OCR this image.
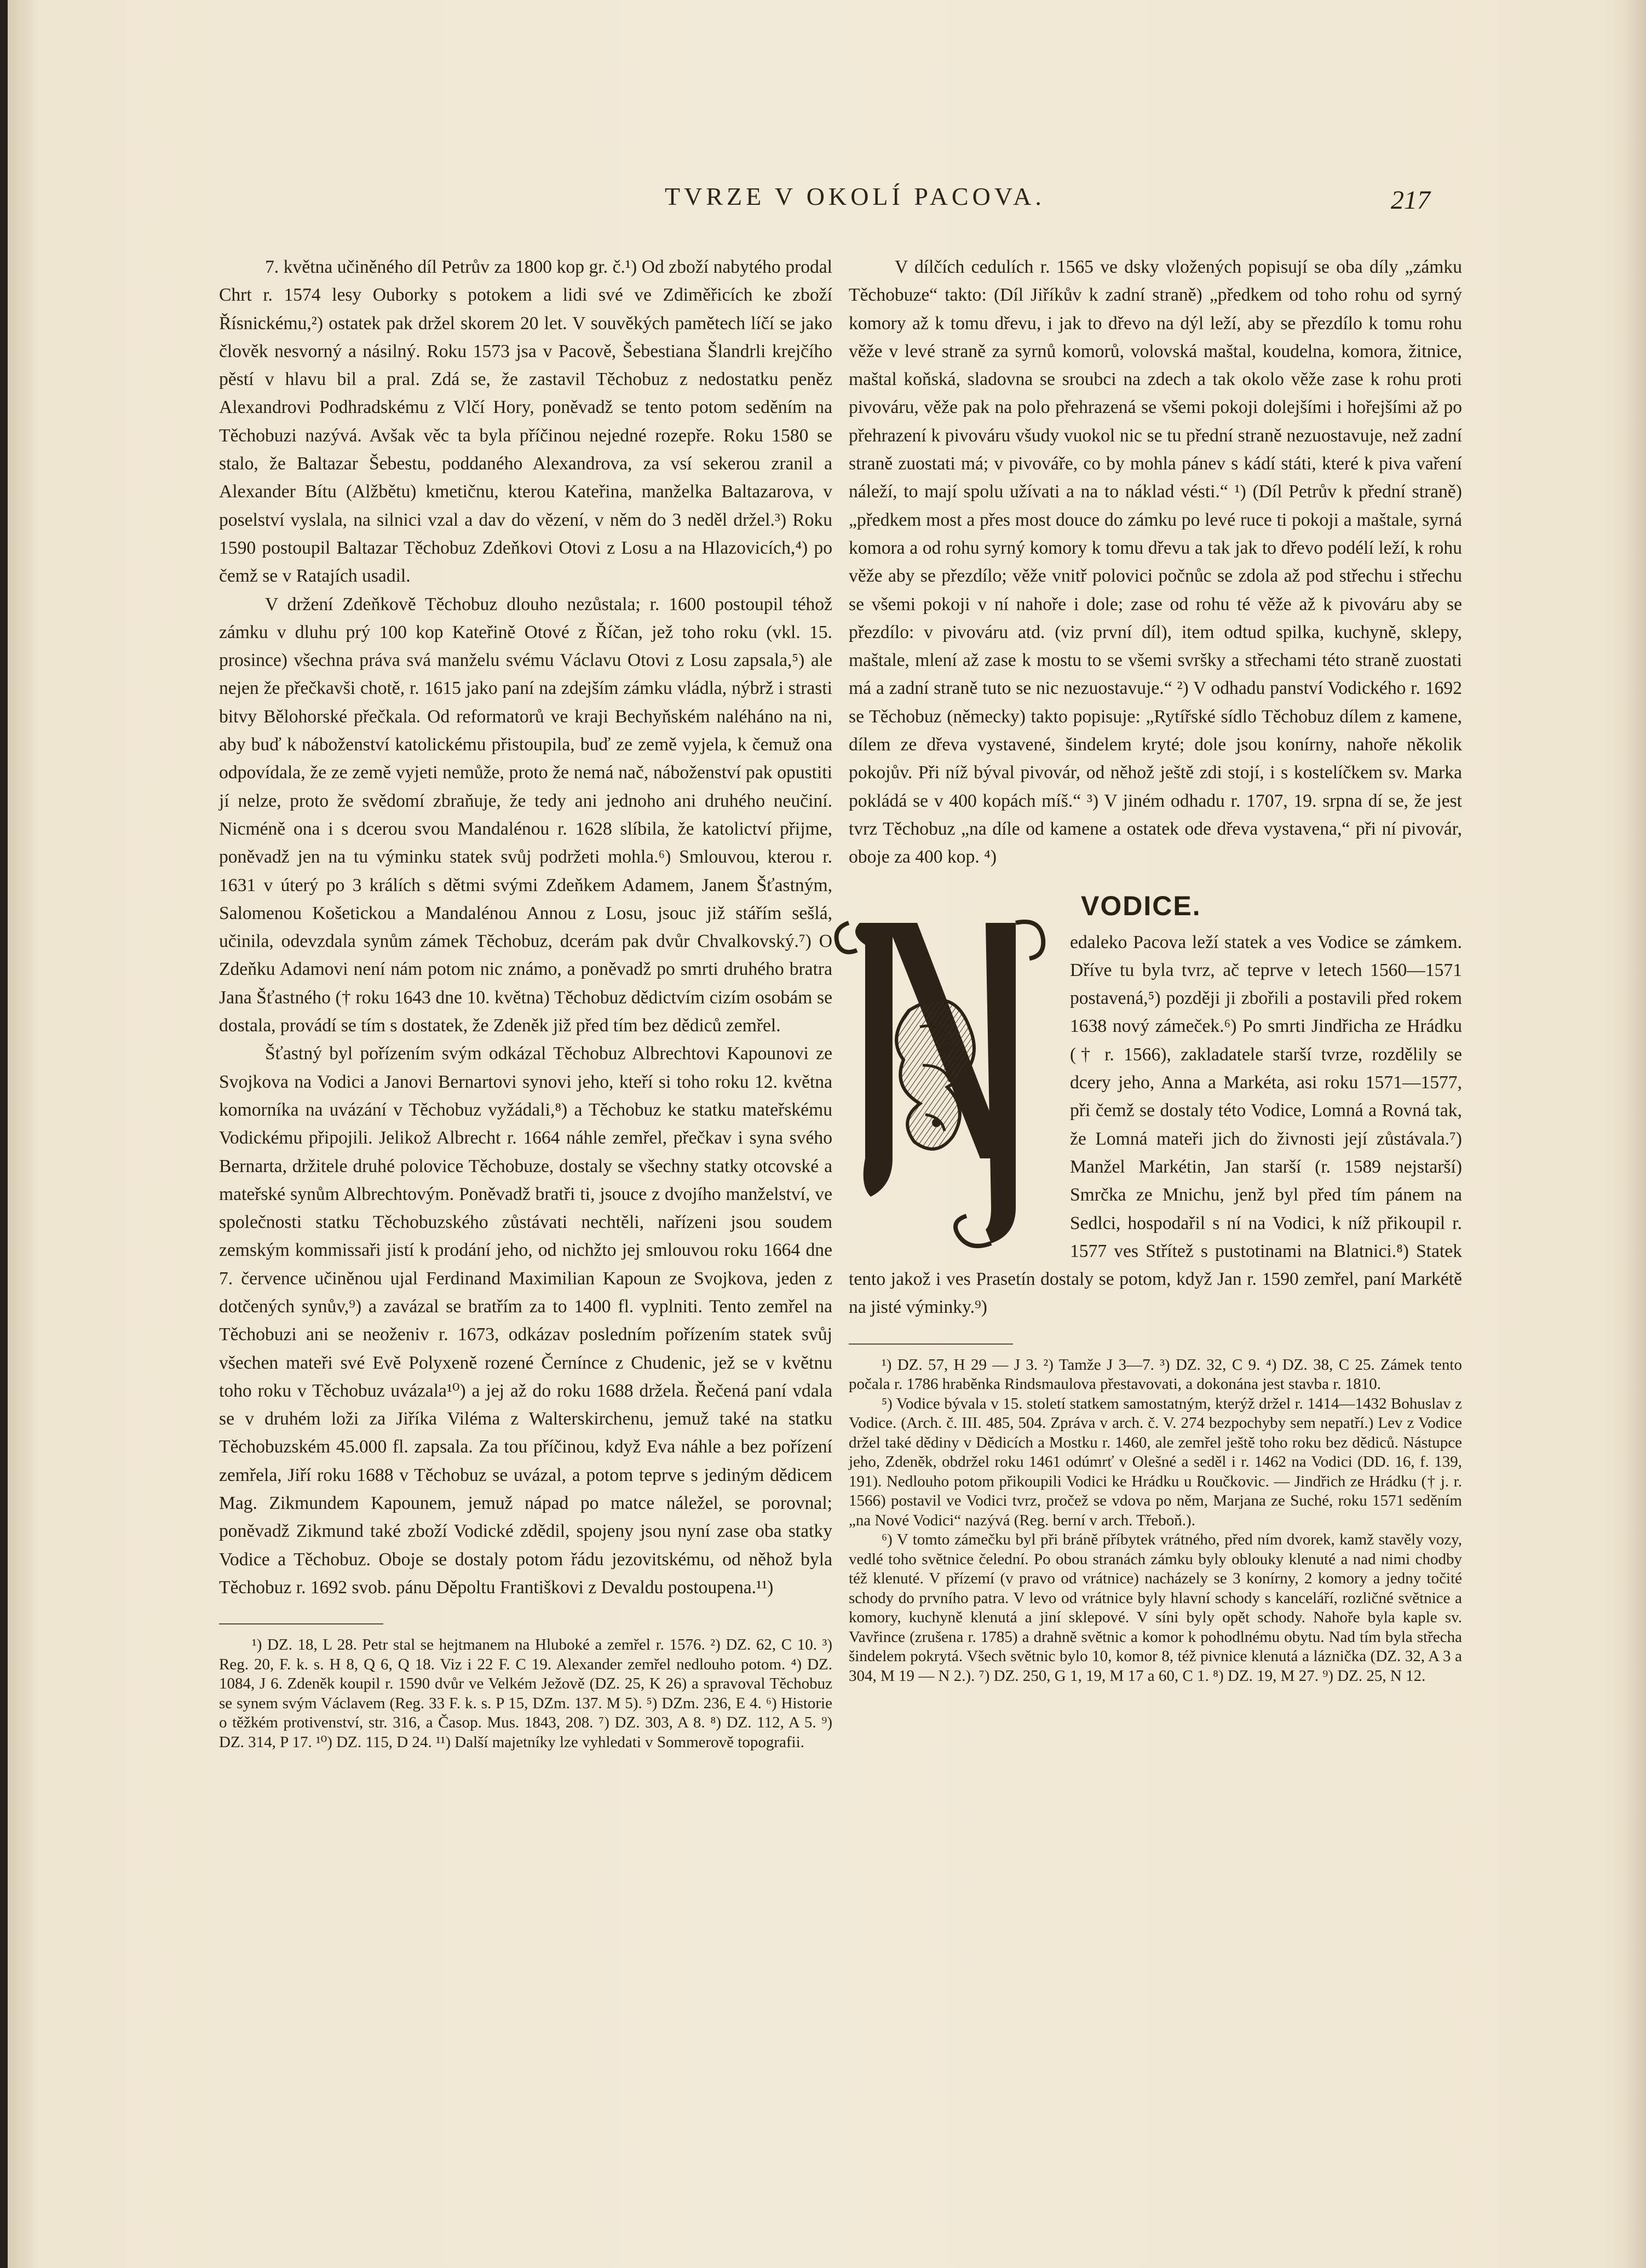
TVRZE V OKOLÍ PACOVA.	217

7. května učiněného díl Petrův za 1800 kop gr. č.¹) Od zboží nabytého prodal Chrt r. 1574 lesy Ouborky s potokem a lidi své ve Zdiměřicích ke zboží Řísnickému,²) ostatek pak držel skorem 20 let. V souvěkých pamětech líčí se jako člověk nesvorný a násilný. Roku 1573 jsa v Pacově, Šebestiana Šlandrli krejčího pěstí v hlavu bil a pral. Zdá se, že zastavil Těchobuz z nedostatku peněz Alexandrovi Podhradskému z Vlčí Hory, poněvadž se tento potom seděním na Těchobuzi nazývá. Avšak věc ta byla příčinou nejedné rozepře. Roku 1580 se stalo, že Baltazar Šebestu, poddaného Alexandrova, za vsí sekerou zranil a Alexander Bítu (Alžbětu) kmetičnu, kterou Kateřina, manželka Baltazarova, v poselství vyslala, na silnici vzal a dav do vězení, v něm do 3 neděl držel.³) Roku 1590 postoupil Baltazar Těchobuz Zdeňkovi Otovi z Losu a na Hlazovicích,⁴) po čemž se v Ratajích usadil.

V držení Zdeňkově Těchobuz dlouho nezůstala; r. 1600 postoupil téhož zámku v dluhu prý 100 kop Kateřině Otové z Říčan, jež toho roku (vkl. 15. prosince) všechna práva svá manželu svému Václavu Otovi z Losu zapsala,⁵) ale nejen že přečkavši chotě, r. 1615 jako paní na zdejším zámku vládla, nýbrž i strasti bitvy Bělohorské přečkala. Od reformatorů ve kraji Bechyňském naléháno na ni, aby buď k náboženství katolickému přistoupila, buď ze země vyjela, k čemuž ona odpovídala, že ze země vyjeti nemůže, proto že nemá nač, náboženství pak opustiti jí nelze, proto že svědomí zbraňuje, že tedy ani jednoho ani druhého neučiní. Nicméně ona i s dcerou svou Mandalénou r. 1628 slíbila, že katolictví přijme, poněvadž jen na tu výminku statek svůj podržeti mohla.⁶) Smlouvou, kterou r. 1631 v úterý po 3 králích s dětmi svými Zdeňkem Adamem, Janem Šťastným, Salomenou Košetickou a Mandalénou Annou z Losu, jsouc již stářím sešlá, učinila, odevzdala synům zámek Těchobuz, dcerám pak dvůr Chvalkovský.⁷) O Zdeňku Adamovi není nám potom nic známo, a poněvadž po smrti druhého bratra Jana Šťastného († roku 1643 dne 10. května) Těchobuz dědictvím cizím osobám se dostala, provádí se tím s dostatek, že Zdeněk již před tím bez dědiců zemřel.

Šťastný byl pořízením svým odkázal Těchobuz Albrechtovi Kapounovi ze Svojkova na Vodici a Janovi Bernartovi synovi jeho, kteří si toho roku 12. května komorníka na uvázání v Těchobuz vyžádali,⁸) a Těchobuz ke statku mateřskému Vodickému připojili. Jelikož Albrecht r. 1664 náhle zemřel, přečkav i syna svého Bernarta, držitele druhé polovice Těchobuze, dostaly se všechny statky otcovské a mateřské synům Albrechtovým. Poněvadž bratři ti, jsouce z dvojího manželství, ve společnosti statku Těchobuzského zůstávati nechtěli, nařízeni jsou soudem zemským kommissaři jistí k prodání jeho, od nichžto jej smlouvou roku 1664 dne 7. července učiněnou ujal Ferdinand Maximilian Kapoun ze Svojkova, jeden z dotčených synův,⁹) a zavázal se bratřím za to 1400 fl. vyplniti. Tento zemřel na Těchobuzi ani se neoženiv r. 1673, odkázav posledním pořízením statek svůj všechen mateři své Evě Polyxeně rozené Černínce z Chudenic, jež se v květnu toho roku v Těchobuz uvázala¹⁰) a jej až do roku 1688 držela. Řečená paní vdala se v druhém loži za Jiříka Viléma z Walterskirchenu, jemuž také na statku Těchobuzském 45.000 fl. zapsala. Za tou příčinou, když Eva náhle a bez pořízení zemřela, Jiří roku 1688 v Těchobuz se uvázal, a potom teprve s jediným dědicem Mag. Zikmundem Kapounem, jemuž nápad po matce náležel, se porovnal; poněvadž Zikmund také zboží Vodické zdědil, spojeny jsou nyní zase oba statky Vodice a Těchobuz. Oboje se dostaly potom řádu jezovitskému, od něhož byla Těchobuz r. 1692 svob. pánu Děpoltu Františkovi z Devaldu postoupena.¹¹)

¹) DZ. 18, L 28. Petr stal se hejtmanem na Hluboké a zemřel r. 1576. ²) DZ. 62, C 10. ³) Reg. 20, F. k. s. H 8, Q 6, Q 18. Viz i 22 F. C 19. Alexander zemřel nedlouho potom. ⁴) DZ. 1084, J 6. Zdeněk koupil r. 1590 dvůr ve Velkém Ježově (DZ. 25, K 26) a spravoval Těchobuz se synem svým Václavem (Reg. 33 F. k. s. P 15, DZm. 137. M 5). ⁵) DZm. 236, E 4. ⁶) Historie o těžkém protivenství, str. 316, a Časop. Mus. 1843, 208. ⁷) DZ. 303, A 8. ⁸) DZ. 112, A 5. ⁹) DZ. 314, P 17. ¹⁰) DZ. 115, D 24. ¹¹) Další majetníky lze vyhledati v Sommerově topografii.

V dílčích cedulích r. 1565 ve dsky vložených popisují se oba díly „zámku Těchobuze“ takto: (Díl Jiříkův k zadní straně) „předkem od toho rohu od syrný komory až k tomu dřevu, i jak to dřevo na dýl leží, aby se přezdílo k tomu rohu věže v levé straně za syrnů komorů, volovská maštal, koudelna, komora, žitnice, maštal koňská, sladovna se sroubci na zdech a tak okolo věže zase k rohu proti pivováru, věže pak na polo přehrazená se všemi pokoji dolejšími i hořejšími až po přehrazení k pivováru všudy vuokol nic se tu přední straně nezuostavuje, než zadní straně zuostati má; v pivováře, co by mohla pánev s kádí státi, které k piva vaření náleží, to mají spolu užívati a na to náklad vésti.“ ¹) (Díl Petrův k přední straně) „předkem most a přes most douce do zámku po levé ruce ti pokoji a maštale, syrná komora a od rohu syrný komory k tomu dřevu a tak jak to dřevo podélí leží, k rohu věže aby se přezdílo; věže vnitř polovici počnůc se zdola až pod střechu i střechu se všemi pokoji v ní nahoře i dole; zase od rohu té věže až k pivováru aby se přezdílo: v pivováru atd. (viz první díl), item odtud spilka, kuchyně, sklepy, maštale, mlení až zase k mostu to se všemi svršky a střechami této straně zuostati má a zadní straně tuto se nic nezuostavuje.“ ²) V odhadu panství Vodického r. 1692 se Těchobuz (německy) takto popisuje: „Rytířské sídlo Těchobuz dílem z kamene, dílem ze dřeva vystavené, šindelem kryté; dole jsou konírny, nahoře několik pokojův. Při níž býval pivovár, od něhož ještě zdi stojí, i s kostelíčkem sv. Marka pokládá se v 400 kopách míš.“ ³) V jiném odhadu r. 1707, 19. srpna dí se, že jest tvrz Těchobuz „na díle od kamene a ostatek ode dřeva vystavena,“ při ní pivovár, oboje za 400 kop. ⁴)

VODICE.

edaleko Pacova leží statek a ves Vodice se zámkem. Dříve tu byla tvrz, ač teprve v letech 1560—1571 postavená,⁵) později ji zbořili a postavili před rokem 1638 nový zámeček.⁶) Po smrti Jindřicha ze Hrádku († r. 1566), zakladatele starší tvrze, rozdělily se dcery jeho, Anna a Markéta, asi roku 1571—1577, při čemž se dostaly této Vodice, Lomná a Rovná tak, že Lomná mateři jich do živnosti její zůstávala.⁷) Manžel Markétin, Jan starší (r. 1589 nejstarší) Smrčka ze Mnichu, jenž byl před tím pánem na Sedlci, hospodařil s ní na Vodici, k níž přikoupil r. 1577 ves Střítež s pustotinami na Blatnici.⁸) Statek tento jakož i ves Prasetín dostaly se potom, když Jan r. 1590 zemřel, paní Markétě na jisté výminky.⁹)

¹) DZ. 57, H 29 — J 3. ²) Tamže J 3—7. ³) DZ. 32, C 9. ⁴) DZ. 38, C 25. Zámek tento počala r. 1786 hraběnka Rindsmaulova přestavovati, a dokonána jest stavba r. 1810.

⁵) Vodice bývala v 15. století statkem samostatným, kterýž držel r. 1414—1432 Bohuslav z Vodice. (Arch. č. III. 485, 504. Zpráva v arch. č. V. 274 bezpochyby sem nepatří.) Lev z Vodice držel také dědiny v Dědicích a Mostku r. 1460, ale zemřel ještě toho roku bez dědiců. Nástupce jeho, Zdeněk, obdržel roku 1461 odúmrť v Olešné a seděl i r. 1462 na Vodici (DD. 16, f. 139, 191). Nedlouho potom přikoupili Vodici ke Hrádku u Roučkovic. — Jindřich ze Hrádku († j. r. 1566) postavil ve Vodici tvrz, pročež se vdova po něm, Marjana ze Suché, roku 1571 seděním „na Nové Vodici“ nazývá (Reg. berní v arch. Třeboň.).

⁶) V tomto zámečku byl při bráně příbytek vrátného, před ním dvorek, kamž stavěly vozy, vedlé toho světnice čelední. Po obou stranách zámku byly oblouky klenuté a nad nimi chodby též klenuté. V přízemí (v pravo od vrátnice) nacházely se 3 konírny, 2 komory a jedny točité schody do prvního patra. V levo od vrátnice byly hlavní schody s kanceláří, rozličné světnice a komory, kuchyně klenutá a jiní sklepové. V síni byly opět schody. Nahoře byla kaple sv. Vavřince (zrušena r. 1785) a drahně světnic a komor k pohodlnému obytu. Nad tím byla střecha šindelem pokrytá. Všech světnic bylo 10, komor 8, též pivnice klenutá a láznička (DZ. 32, A 3 a 304, M 19 — N 2.). ⁷) DZ. 250, G 1, 19, M 17 a 60, C 1. ⁸) DZ. 19, M 27. ⁹) DZ. 25, N 12.
